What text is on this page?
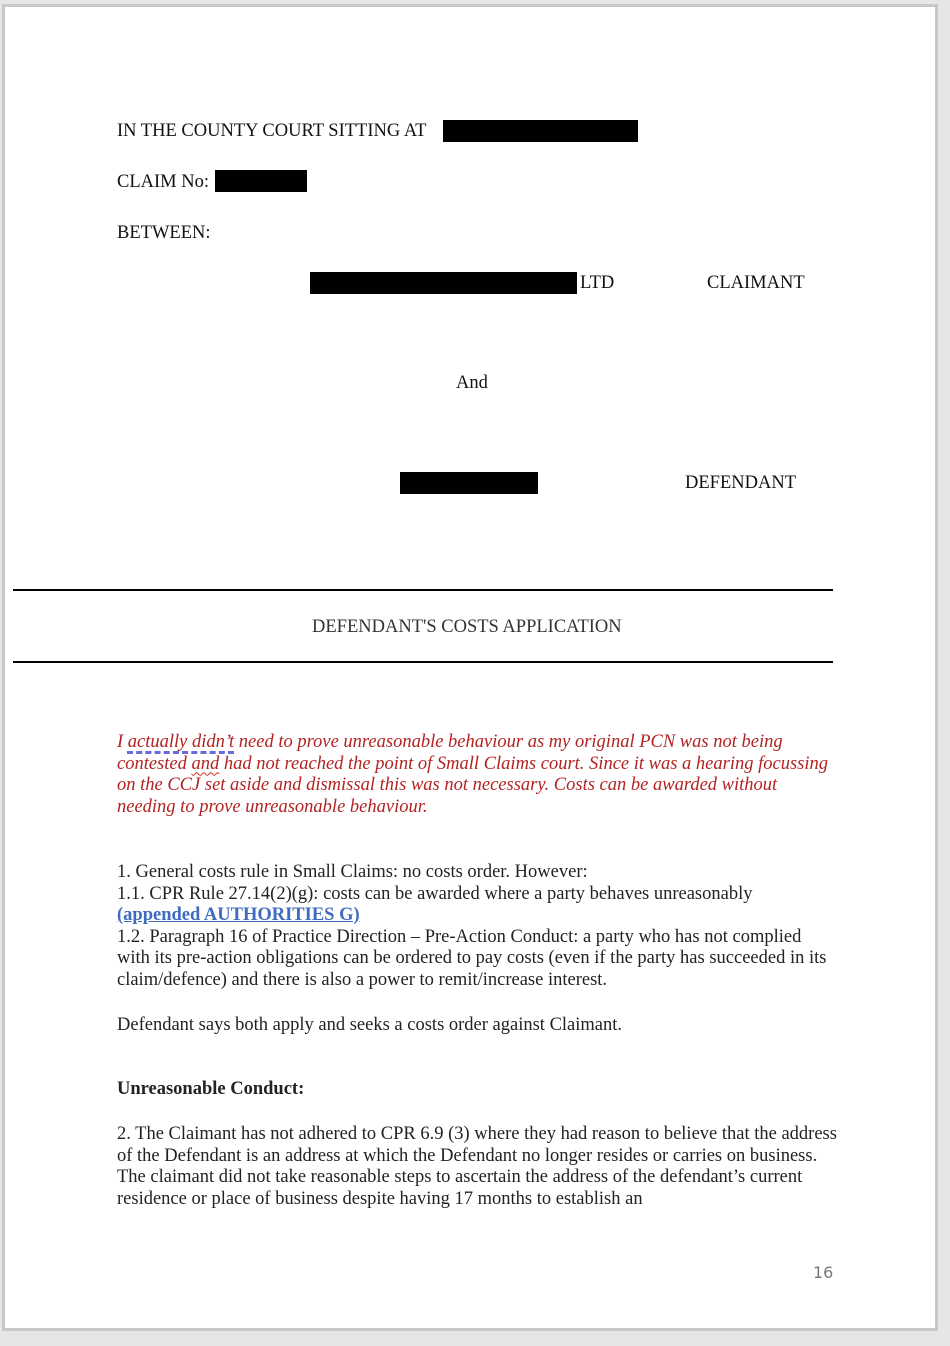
IN THE COUNTY COURT SITTING AT
CLAIM No:
BETWEEN:
LTD	CLAIMANT
And
DEFENDANT
DEFENDANT'S COSTS APPLICATION
I actually didn’t need to prove unreasonable behaviour as my original PCN was not being contested and had not reached the point of Small Claims court. Since it was a hearing focussing on the CCJ set aside and dismissal this was not necessary. Costs can be awarded without needing to prove unreasonable behaviour.
1. General costs rule in Small Claims: no costs order. However:
1.1. CPR Rule 27.14(2)(g): costs can be awarded where a party behaves unreasonably
(appended AUTHORITIES G)
1.2. Paragraph 16 of Practice Direction – Pre-Action Conduct: a party who has not complied with its pre-action obligations can be ordered to pay costs (even if the party has succeeded in its claim/defence) and there is also a power to remit/increase interest.
Defendant says both apply and seeks a costs order against Claimant.
Unreasonable Conduct:
2. The Claimant has not adhered to CPR 6.9 (3) where they had reason to believe that the address of the Defendant is an address at which the Defendant no longer resides or carries on business. The claimant did not take reasonable steps to ascertain the address of the defendant’s current residence or place of business despite having 17 months to establish an
16
